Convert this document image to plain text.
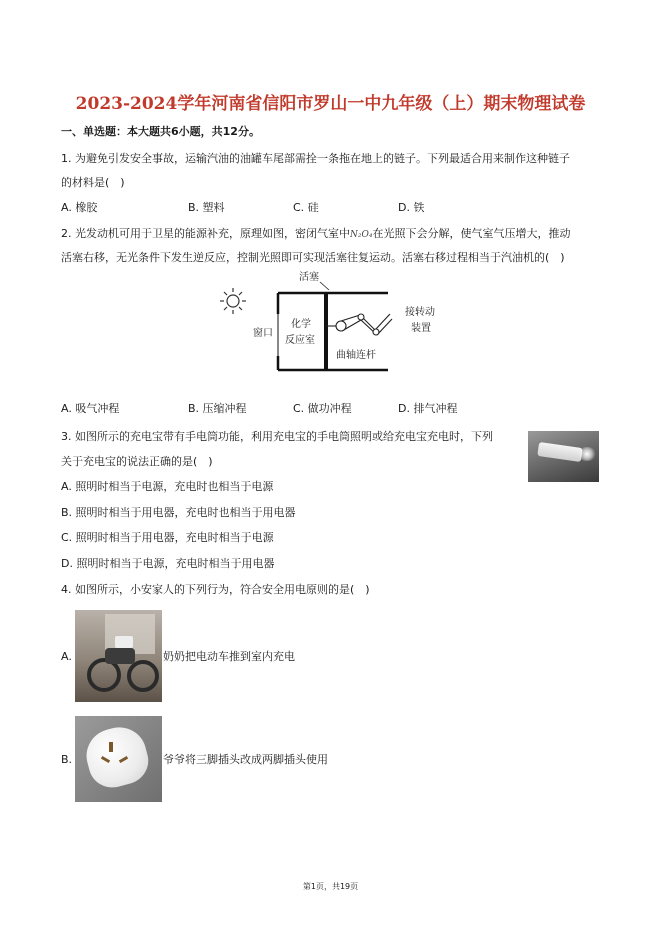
2023-2024学年河南省信阳市罗山一中九年级（上）期末物理试卷
一、单选题：本大题共6小题，共12分。
1. 为避免引发安全事故，运输汽油的油罐车尾部需拴一条拖在地上的链子。下列最适合用来制作这种链子
的材料是(　)
A. 橡胶	B. 塑料	C. 硅	D. 铁
2. 光发动机可用于卫星的能源补充，原理如图，密闭气室中N₂O₄在光照下会分解，使气室气压增大，推动
活塞右移，无光条件下发生逆反应，控制光照即可实现活塞往复运动。活塞右移过程相当于汽油机的(　)
活塞
窗口
化学
反应室
曲轴连杆
接转动
装置
A. 吸气冲程	B. 压缩冲程	C. 做功冲程	D. 排气冲程
3. 如图所示的充电宝带有手电筒功能，利用充电宝的手电筒照明或给充电宝充电时，下列
关于充电宝的说法正确的是(　)
A. 照明时相当于电源，充电时也相当于电源
B. 照明时相当于用电器，充电时也相当于用电器
C. 照明时相当于用电器，充电时相当于电源
D. 照明时相当于电源，充电时相当于用电器
4. 如图所示，小安家人的下列行为，符合安全用电原则的是(　)
A.	奶奶把电动车推到室内充电
B.	爷爷将三脚插头改成两脚插头使用
第1页，共19页
